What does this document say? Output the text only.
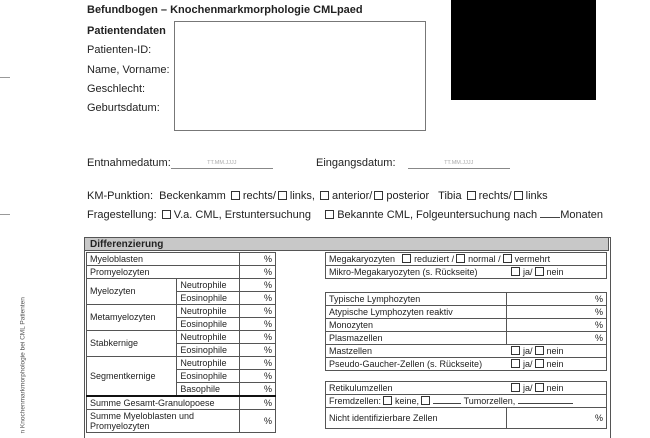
n Knochenmarkmorphologie bei CML Patienten
Befundbogen – Knochenmarkmorphologie CMLpaed
Patientendaten
Patienten-ID:
Name, Vorname:
Geschlecht:
Geburtsdatum:
Entnahmedatum:	TT.MM.JJJJ	Eingangsdatum:	TT.MM.JJJJ
KM-Punktion: Beckenkamm rechts/ links, anterior/ posterior Tibia rechts/ links
Fragestellung: V.a. CML, Erstuntersuchung Bekannte CML, Folgeuntersuchung nach Monaten
Differenzierung
Myeloblasten		%
Promyelozyten		%
Myelozyten	Neutrophile	%
	Eosinophile	%
Metamyelozyten	Neutrophile	%
	Eosinophile	%
Stabkernige	Neutrophile	%
	Eosinophile	%
Segmentkernige	Neutrophile	%
	Eosinophile	%
	Basophile	%
Summe Gesamt-Granulopoese		%
Summe Myeloblasten und
Promyelozyten		%
Megakaryozyten reduziert / normal / vermehrt
Mikro-Megakaryozyten (s. Rückseite)	ja/ nein
Typische Lymphozyten	%
Atypische Lymphozyten reaktiv	%
Monozyten	%
Plasmazellen	%
Mastzellen ja/ nein	
Pseudo-Gaucher-Zellen (s. Rückseite) ja/ nein	
Retikulumzellen	ja/ nein
Fremdzellen: keine,	Tumorzellen,
Nicht identifizierbare Zellen	%
